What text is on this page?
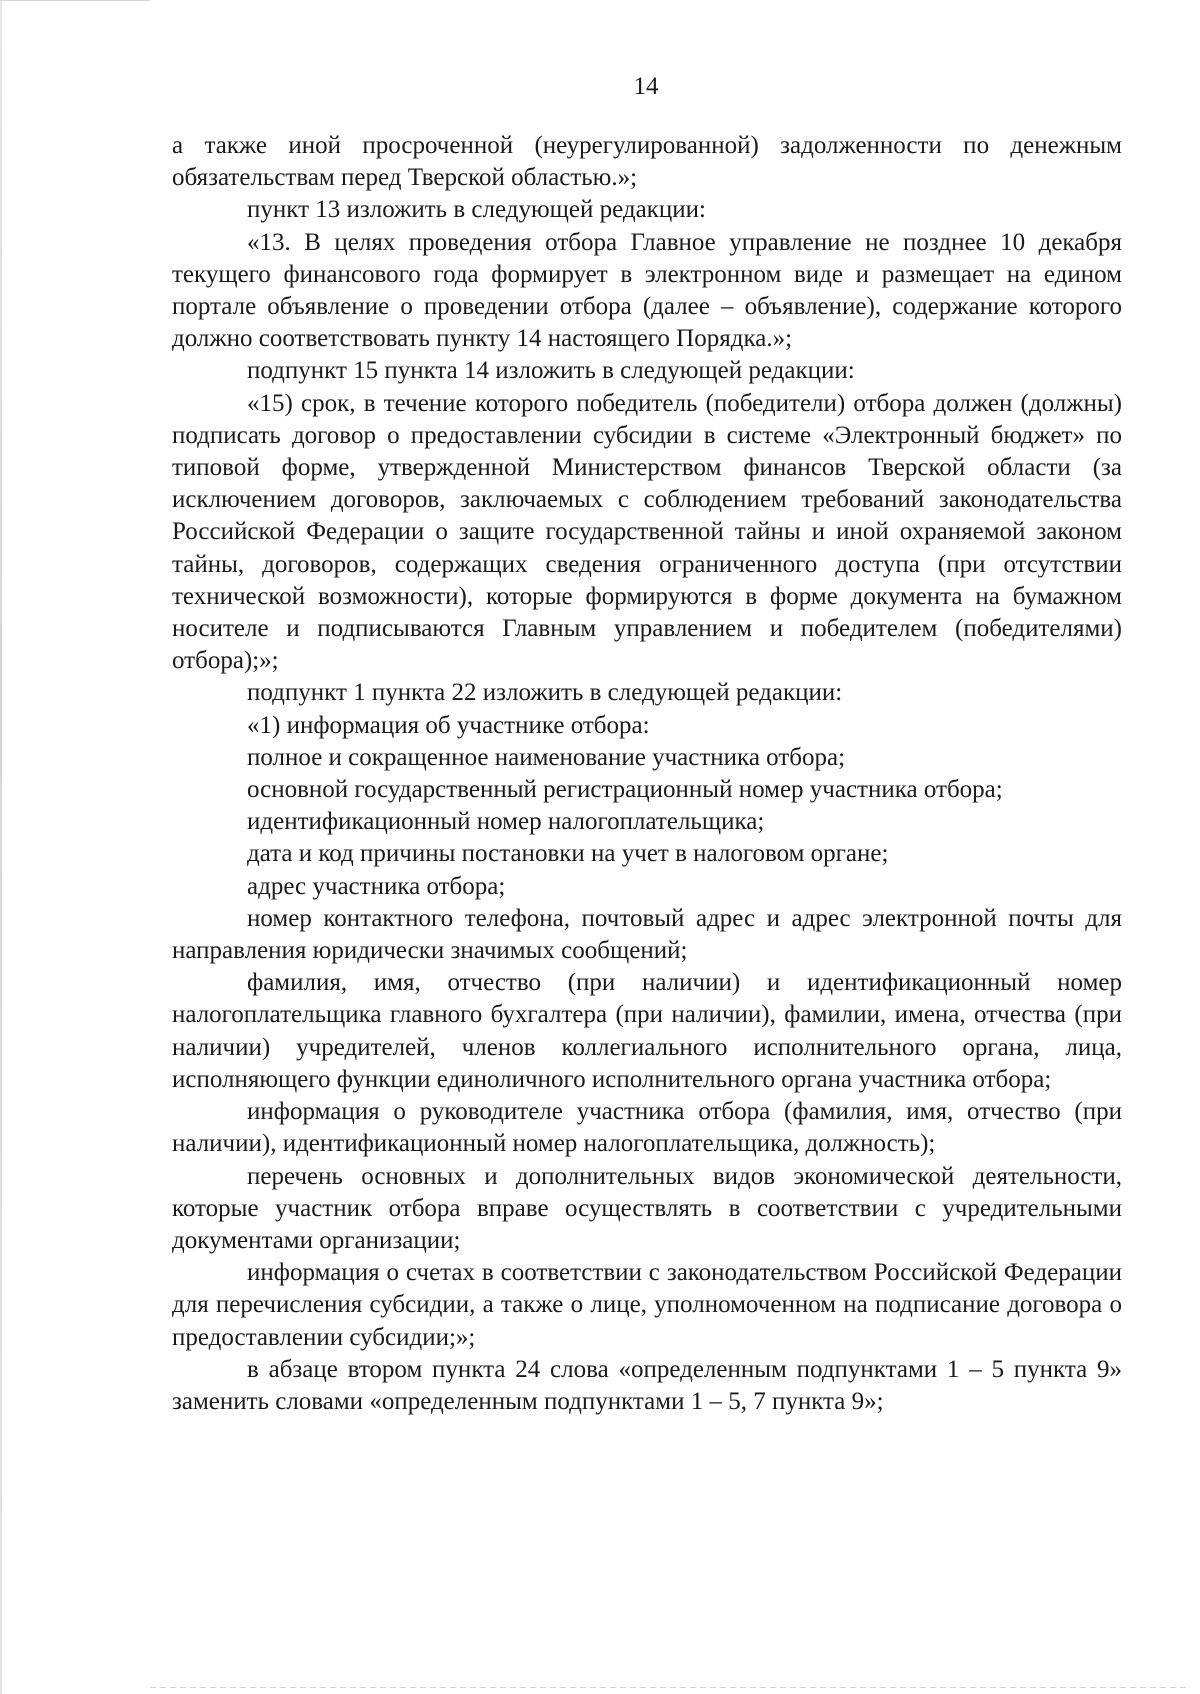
14

а также иной просроченной (неурегулированной) задолженности по денежным обязательствам перед Тверской областью.»;

пункт 13 изложить в следующей редакции:

«13. В целях проведения отбора Главное управление не позднее 10 декабря текущего финансового года формирует в электронном виде и размещает на едином портале объявление о проведении отбора (далее – объявление), содержание которого должно соответствовать пункту 14 настоящего Порядка.»;

подпункт 15 пункта 14 изложить в следующей редакции:

«15) срок, в течение которого победитель (победители) отбора должен (должны) подписать договор о предоставлении субсидии в системе «Электронный бюджет» по типовой форме, утвержденной Министерством финансов Тверской области (за исключением договоров, заключаемых с соблюдением требований законодательства Российской Федерации о защите государственной тайны и иной охраняемой законом тайны, договоров, содержащих сведения ограниченного доступа (при отсутствии технической возможности), которые формируются в форме документа на бумажном носителе и подписываются Главным управлением и победителем (победителями) отбора);»;

подпункт 1 пункта 22 изложить в следующей редакции:

«1) информация об участнике отбора:

полное и сокращенное наименование участника отбора;

основной государственный регистрационный номер участника отбора;

идентификационный номер налогоплательщика;

дата и код причины постановки на учет в налоговом органе;

адрес участника отбора;

номер контактного телефона, почтовый адрес и адрес электронной почты для направления юридически значимых сообщений;

фамилия, имя, отчество (при наличии) и идентификационный номер налогоплательщика главного бухгалтера (при наличии), фамилии, имена, отчества (при наличии) учредителей, членов коллегиального исполнительного органа, лица, исполняющего функции единоличного исполнительного органа участника отбора;

информация о руководителе участника отбора (фамилия, имя, отчество (при наличии), идентификационный номер налогоплательщика, должность);

перечень основных и дополнительных видов экономической деятельности, которые участник отбора вправе осуществлять в соответствии с учредительными документами организации;

информация о счетах в соответствии с законодательством Российской Федерации для перечисления субсидии, а также о лице, уполномоченном на подписание договора о предоставлении субсидии;»;

в абзаце втором пункта 24 слова «определенным подпунктами 1 – 5 пункта 9» заменить словами «определенным подпунктами 1 – 5, 7 пункта 9»;
